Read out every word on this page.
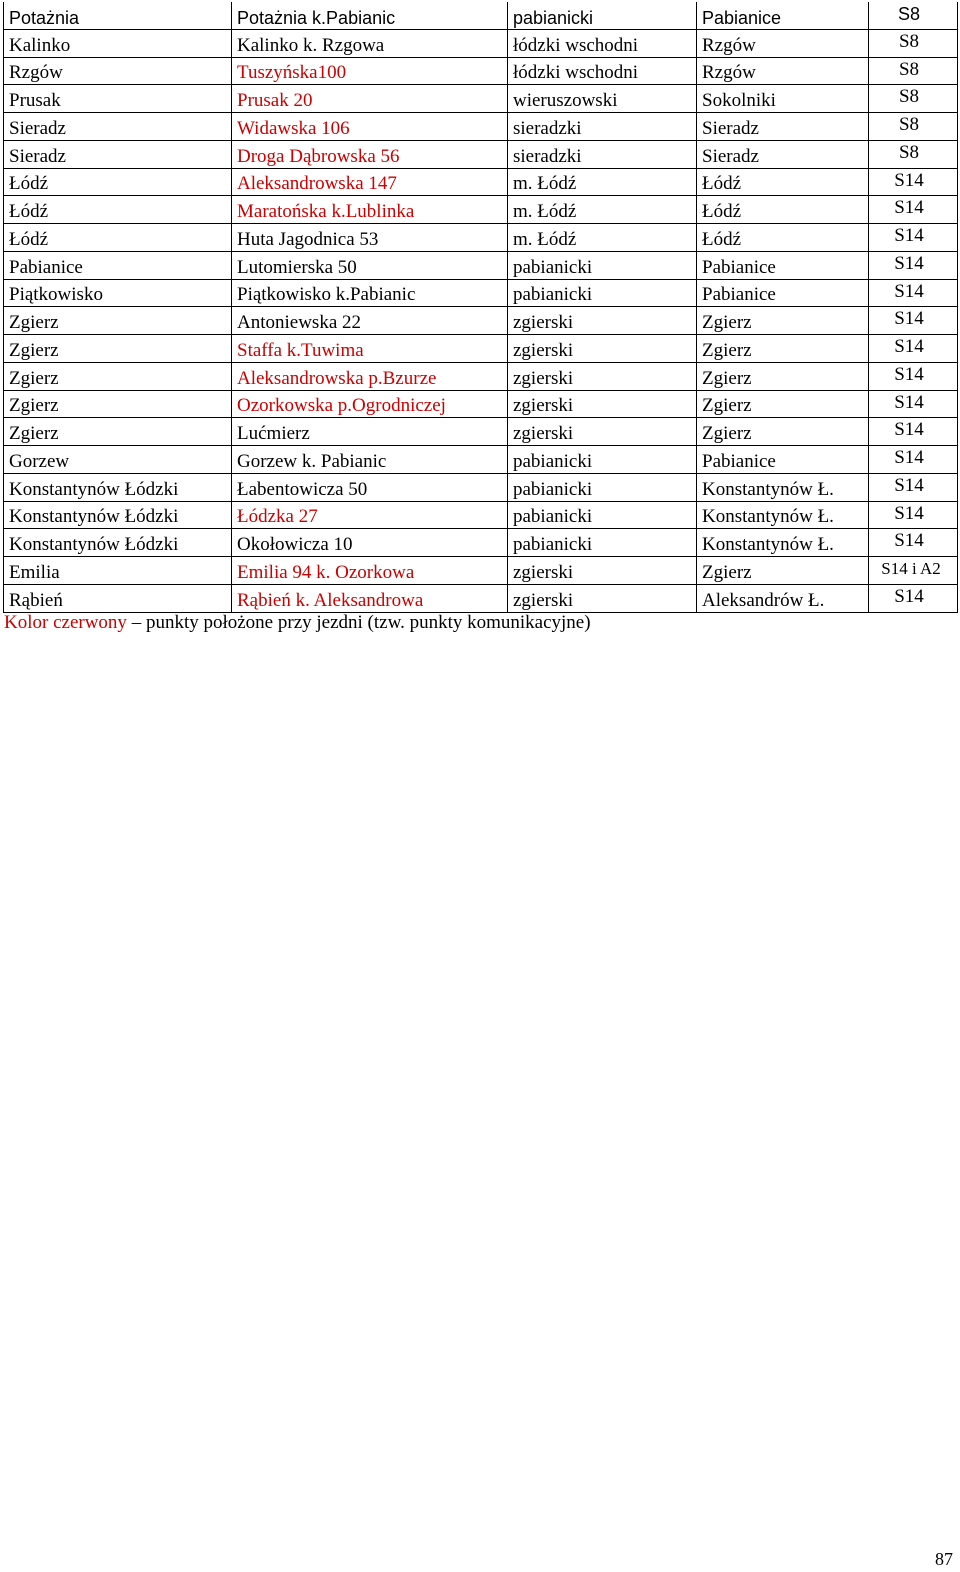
Potażnia	Potażnia k.Pabianic	pabianicki	Pabianice	S8
Kalinko	Kalinko k. Rzgowa	łódzki wschodni	Rzgów	S8
Rzgów	Tuszyńska100	łódzki wschodni	Rzgów	S8
Prusak	Prusak 20	wieruszowski	Sokolniki	S8
Sieradz	Widawska 106	sieradzki	Sieradz	S8
Sieradz	Droga Dąbrowska 56	sieradzki	Sieradz	S8
Łódź	Aleksandrowska 147	m. Łódź	Łódź	S14
Łódź	Maratońska k.Lublinka	m. Łódź	Łódź	S14
Łódź	Huta Jagodnica 53	m. Łódź	Łódź	S14
Pabianice	Lutomierska 50	pabianicki	Pabianice	S14
Piątkowisko	Piątkowisko k.Pabianic	pabianicki	Pabianice	S14
Zgierz	Antoniewska 22	zgierski	Zgierz	S14
Zgierz	Staffa k.Tuwima	zgierski	Zgierz	S14
Zgierz	Aleksandrowska p.Bzurze	zgierski	Zgierz	S14
Zgierz	Ozorkowska p.Ogrodniczej	zgierski	Zgierz	S14
Zgierz	Lućmierz	zgierski	Zgierz	S14
Gorzew	Gorzew k. Pabianic	pabianicki	Pabianice	S14
Konstantynów Łódzki	Łabentowicza 50	pabianicki	Konstantynów Ł.	S14
Konstantynów Łódzki	Łódzka 27	pabianicki	Konstantynów Ł.	S14
Konstantynów Łódzki	Okołowicza 10	pabianicki	Konstantynów Ł.	S14
Emilia	Emilia 94 k. Ozorkowa	zgierski	Zgierz	S14 i A2
Rąbień	Rąbień k. Aleksandrowa	zgierski	Aleksandrów Ł.	S14
Kolor czerwony – punkty położone przy jezdni (tzw. punkty komunikacyjne)
87
